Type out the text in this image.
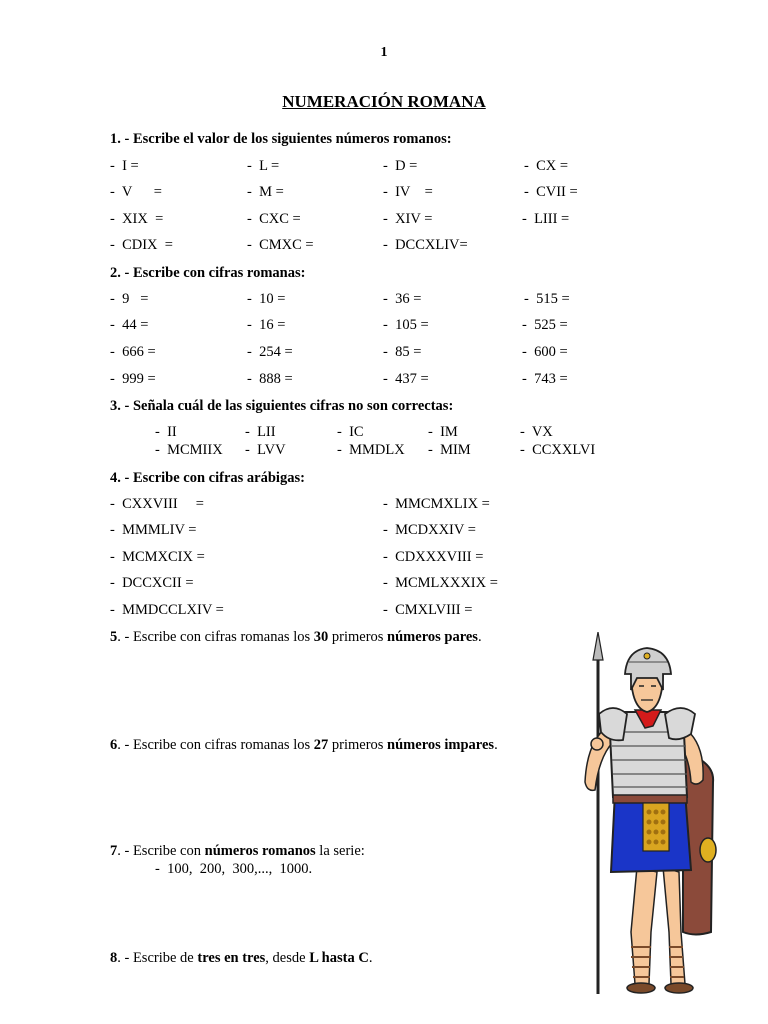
1
NUMERACIÓN ROMANA
1. - Escribe el valor de los siguientes números romanos:
-  I =	-  L =	-  D =	-  CX =
-  V      =	-  M =	-  IV    =	-  CVII =
-  XIX  =	-  CXC =	-  XIV =	-  LIII =
-  CDIX  =	-  CMXC =	-  DCCXLIV=
2. - Escribe con cifras romanas:
-  9   =	-  10 =	-  36 =	-  515 =
-  44 =	-  16 =	-  105 =	-  525 =
-  666 =	-  254 =	-  85 =	-  600 =
-  999 =	-  888 =	-  437 =	-  743 =
3. - Señala cuál de las siguientes cifras no son correctas:
-  II	-  LII	-  IC	-  IM	-  VX
-  MCMIIX -  LVV	-  MMDLX -  MIM	-  CCXXLVI
4. - Escribe con cifras arábigas:
-  CXXVIII     =	-  MMCMXLIX =
-  MMMLIV =	-  MCDXXIV =
-  MCMXCIX =	-  CDXXXVIII =
-  DCCXCII =	-  MCMLXXXIX =
-  MMDCCLXIV =	-  CMXLVIII =
5. - Escribe con cifras romanas los 30 primeros números pares.
6. - Escribe con cifras romanas los 27 primeros números impares.
7. - Escribe con números romanos la serie:
-  100,  200,  300,...,  1000.
8. - Escribe de tres en tres, desde L hasta C.
